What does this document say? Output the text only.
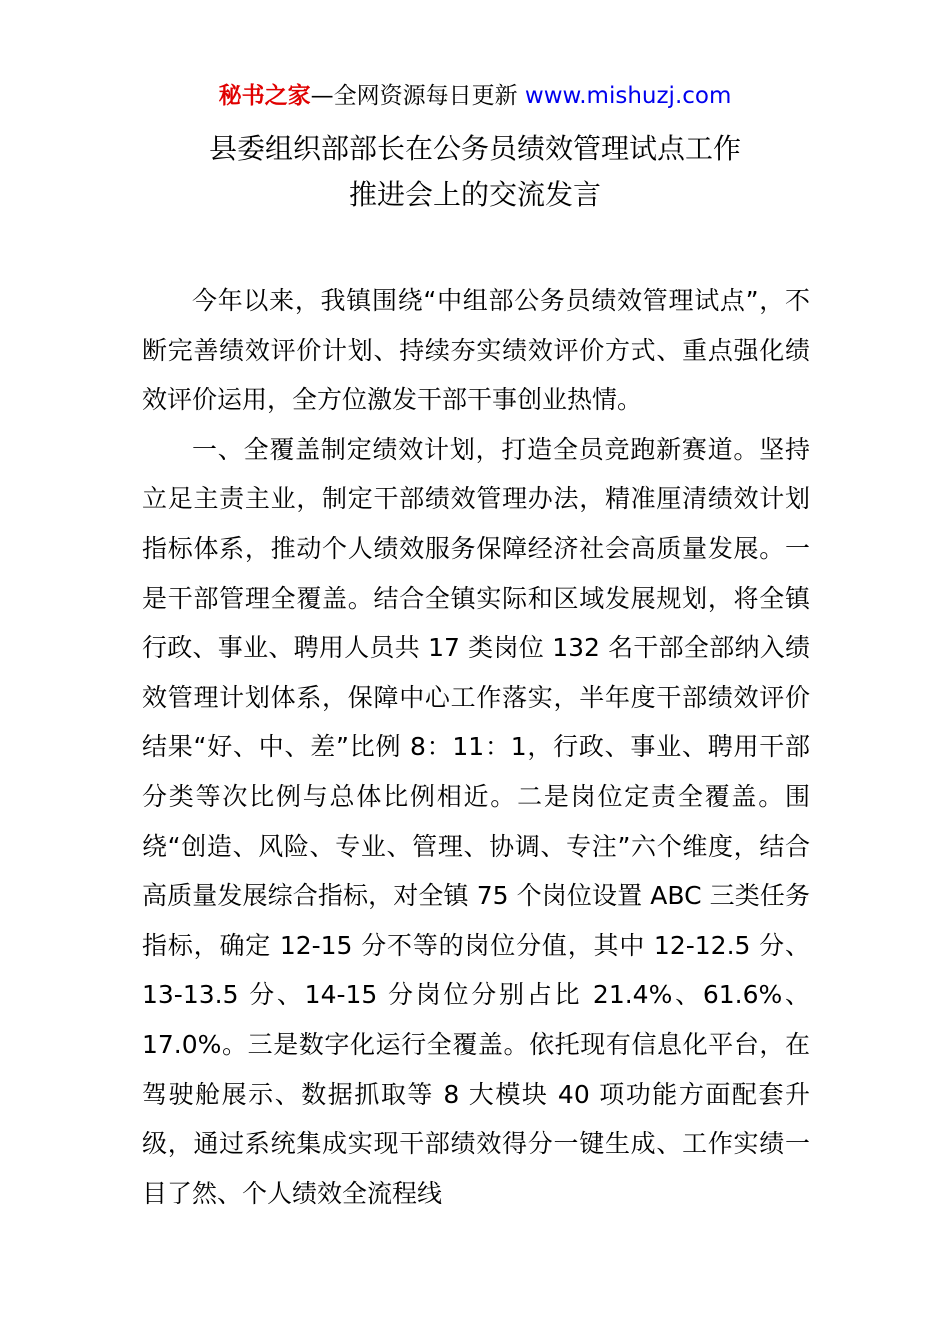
秘书之家—全网资源每日更新 www.mishuzj.com
县委组织部部长在公务员绩效管理试点工作
推进会上的交流发言

今年以来，我镇围绕“中组部公务员绩效管理试点”，不断完善绩效评价计划、持续夯实绩效评价方式、重点强化绩效评价运用，全方位激发干部干事创业热情。

一、全覆盖制定绩效计划，打造全员竞跑新赛道。坚持立足主责主业，制定干部绩效管理办法，精准厘清绩效计划指标体系，推动个人绩效服务保障经济社会高质量发展。一是干部管理全覆盖。结合全镇实际和区域发展规划，将全镇行政、事业、聘用人员共 17 类岗位 132 名干部全部纳入绩效管理计划体系，保障中心工作落实，半年度干部绩效评价结果“好、中、差”比例 8：11：1，行政、事业、聘用干部分类等次比例与总体比例相近。二是岗位定责全覆盖。围绕“创造、风险、专业、管理、协调、专注”六个维度，结合高质量发展综合指标，对全镇 75 个岗位设置 ABC 三类任务指标，确定 12-15 分不等的岗位分值，其中 12-12.5 分、13-13.5 分、14-15 分岗位分别占比 21.4%、61.6%、17.0%。三是数字化运行全覆盖。依托现有信息化平台，在驾驶舱展示、数据抓取等 8 大模块 40 项功能方面配套升级，通过系统集成实现干部绩效得分一键生成、工作实绩一目了然、个人绩效全流程线
